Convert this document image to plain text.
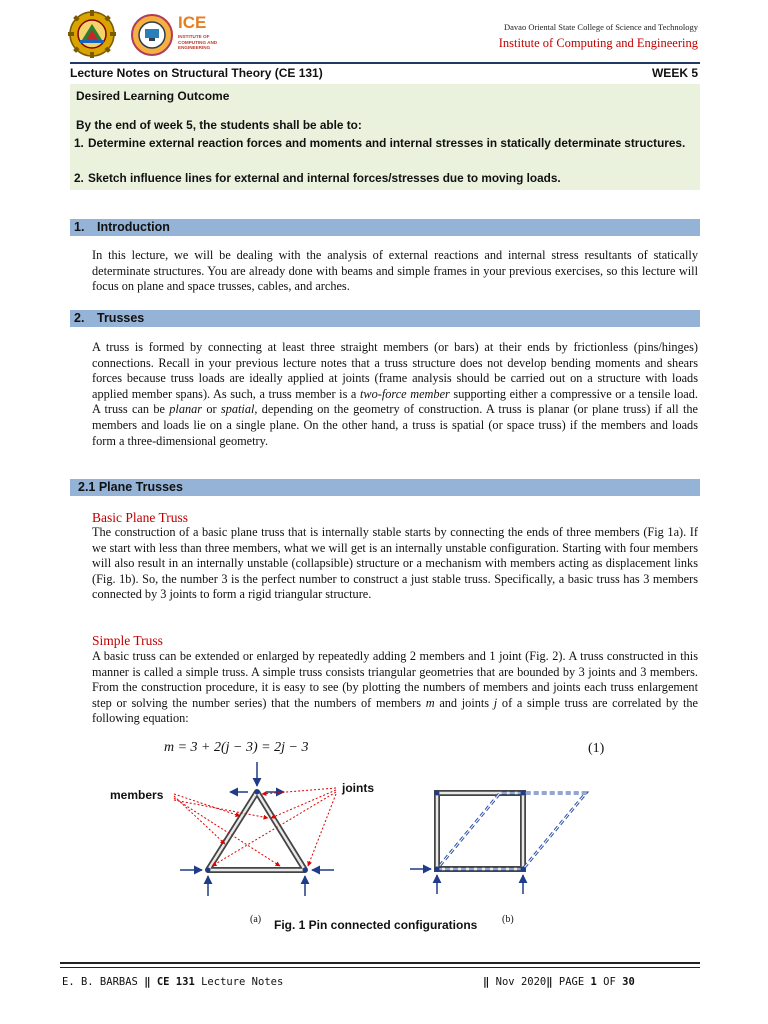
ICE
INSTITUTE OF COMPUTING AND ENGINEERING
Davao Oriental State College of Science and Technology
Institute of Computing and Engineering
Lecture Notes on Structural Theory (CE 131)	WEEK 5
Desired Learning Outcome
By the end of week 5, the students shall be able to:
1. Determine external reaction forces and moments and internal stresses in statically determinate structures.
2. Sketch influence lines for external and internal forces/stresses due to moving loads.
1. Introduction
In this lecture, we will be dealing with the analysis of external reactions and internal stress resultants of statically determinate structures. You are already done with beams and simple frames in your previous exercises, so this lecture will focus on plane and space trusses, cables, and arches.
2. Trusses
A truss is formed by connecting at least three straight members (or bars) at their ends by frictionless (pins/hinges) connections. Recall in your previous lecture notes that a truss structure does not develop bending moments and shears forces because truss loads are ideally applied at joints (frame analysis should be carried out on a structure with loads applied member spans). As such, a truss member is a two-force member supporting either a compressive or a tensile load. A truss can be planar or spatial, depending on the geometry of construction. A truss is planar (or plane truss) if all the members and loads lie on a single plane. On the other hand, a truss is spatial (or space truss) if the members and loads form a three-dimensional geometry.
2.1 Plane Trusses
Basic Plane Truss
The construction of a basic plane truss that is internally stable starts by connecting the ends of three members (Fig 1a). If we start with less than three members, what we will get is an internally unstable configuration. Starting with four members will also result in an internally unstable (collapsible) structure or a mechanism with members acting as displacement links (Fig. 1b). So, the number 3 is the perfect number to construct a just stable truss. Specifically, a basic truss has 3 members connected by 3 joints to form a rigid triangular structure.
Simple Truss
A basic truss can be extended or enlarged by repeatedly adding 2 members and 1 joint (Fig. 2). A truss constructed in this manner is called a simple truss. A simple truss consists triangular geometries that are bounded by 3 joints and 3 members. From the construction procedure, it is easy to see (by plotting the numbers of members and joints each truss enlargement step or solving the number series) that the numbers of members m and joints j of a simple truss are correlated by the following equation:
m = 3 + 2(j − 3) = 2j − 3	(1)
members	joints
(a)	(b)
Fig. 1 Pin connected configurations
E. B. BARBAS ‖ CE 131 Lecture Notes	‖ Nov 2020‖ PAGE 1 OF 30
